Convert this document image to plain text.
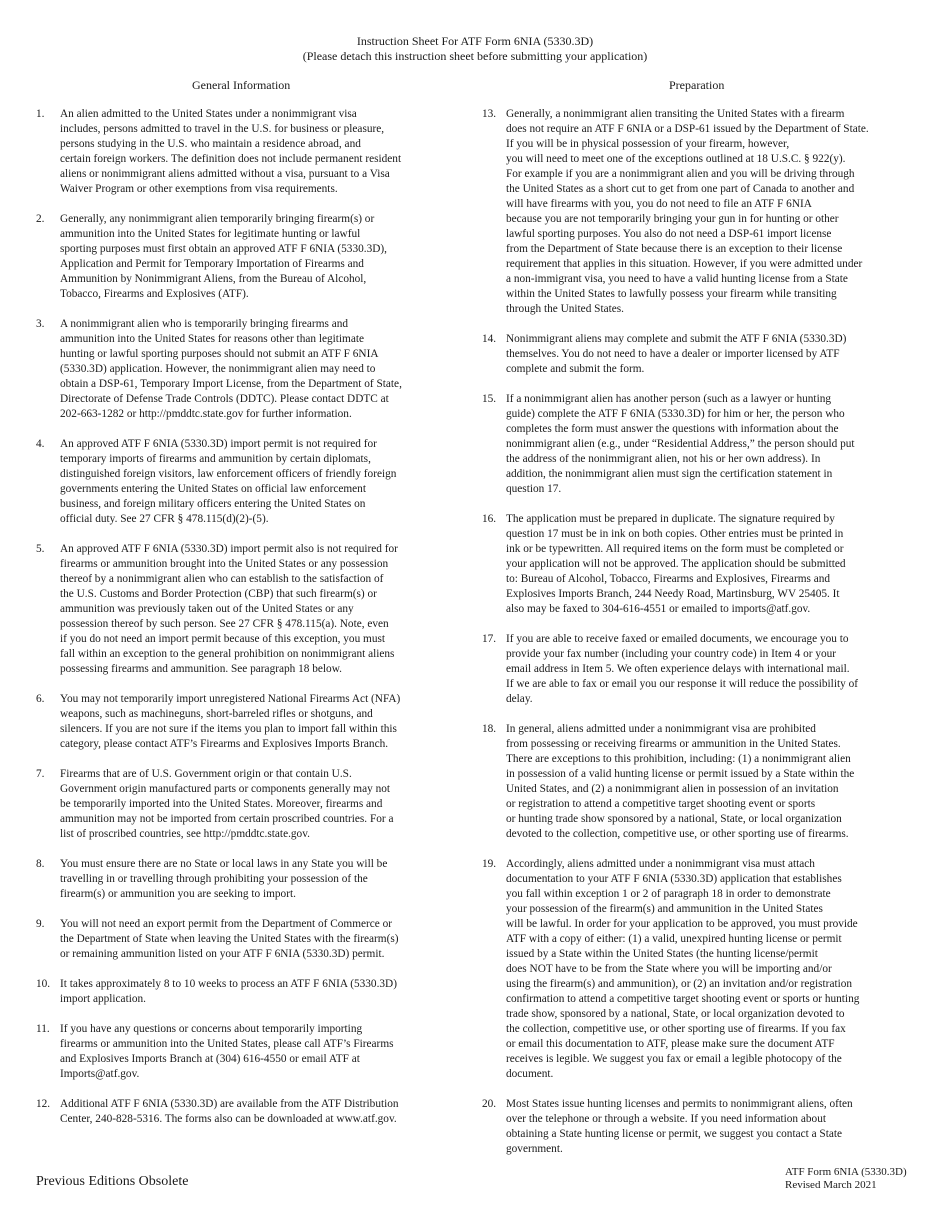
Instruction Sheet For ATF Form 6NIA (5330.3D)
(Please detach this instruction sheet before submitting your application)
General Information	Preparation
1.	An alien admitted to the United States under a nonimmigrant visa
includes, persons admitted to travel in the U.S. for business or pleasure,
persons studying in the U.S. who maintain a residence abroad, and
certain foreign workers. The definition does not include permanent resident
aliens or nonimmigrant aliens admitted without a visa, pursuant to a Visa
Waiver Program or other exemptions from visa requirements.
2.	Generally, any nonimmigrant alien temporarily bringing firearm(s) or
ammunition into the United States for legitimate hunting or lawful
sporting purposes must first obtain an approved ATF F 6NIA (5330.3D),
Application and Permit for Temporary Importation of Firearms and
Ammunition by Nonimmigrant Aliens, from the Bureau of Alcohol,
Tobacco, Firearms and Explosives (ATF).
3.	A nonimmigrant alien who is temporarily bringing firearms and
ammunition into the United States for reasons other than legitimate
hunting or lawful sporting purposes should not submit an ATF F 6NIA
(5330.3D) application. However, the nonimmigrant alien may need to
obtain a DSP-61, Temporary Import License, from the Department of State,
Directorate of Defense Trade Controls (DDTC). Please contact DDTC at
202-663-1282 or http://pmddtc.state.gov for further information.
4.	An approved ATF F 6NIA (5330.3D) import permit is not required for
temporary imports of firearms and ammunition by certain diplomats,
distinguished foreign visitors, law enforcement officers of friendly foreign
governments entering the United States on official law enforcement
business, and foreign military officers entering the United States on
official duty. See 27 CFR § 478.115(d)(2)-(5).
5.	An approved ATF F 6NIA (5330.3D) import permit also is not required for
firearms or ammunition brought into the United States or any possession
thereof by a nonimmigrant alien who can establish to the satisfaction of
the U.S. Customs and Border Protection (CBP) that such firearm(s) or
ammunition was previously taken out of the United States or any
possession thereof by such person. See 27 CFR § 478.115(a). Note, even
if you do not need an import permit because of this exception, you must
fall within an exception to the general prohibition on nonimmigrant aliens
possessing firearms and ammunition. See paragraph 18 below.
6.	You may not temporarily import unregistered National Firearms Act (NFA)
weapons, such as machineguns, short-barreled rifles or shotguns, and
silencers. If you are not sure if the items you plan to import fall within this
category, please contact ATF’s Firearms and Explosives Imports Branch.
7.	Firearms that are of U.S. Government origin or that contain U.S.
Government origin manufactured parts or components generally may not
be temporarily imported into the United States. Moreover, firearms and
ammunition may not be imported from certain proscribed countries. For a
list of proscribed countries, see http://pmddtc.state.gov.
8.	You must ensure there are no State or local laws in any State you will be
travelling in or travelling through prohibiting your possession of the
firearm(s) or ammunition you are seeking to import.
9.	You will not need an export permit from the Department of Commerce or
the Department of State when leaving the United States with the firearm(s)
or remaining ammunition listed on your ATF F 6NIA (5330.3D) permit.
10. It takes approximately 8 to 10 weeks to process an ATF F 6NIA (5330.3D)
import application.
11. If you have any questions or concerns about temporarily importing
firearms or ammunition into the United States, please call ATF’s Firearms
and Explosives Imports Branch at (304) 616-4550 or email ATF at
Imports@atf.gov.
12. Additional ATF F 6NIA (5330.3D) are available from the ATF Distribution
Center, 240-828-5316. The forms also can be downloaded at www.atf.gov.
13. Generally, a nonimmigrant alien transiting the United States with a firearm
does not require an ATF F 6NIA or a DSP-61 issued by the Department of State.
If you will be in physical possession of your firearm, however,
you will need to meet one of the exceptions outlined at 18 U.S.C. § 922(y).
For example if you are a nonimmigrant alien and you will be driving through
the United States as a short cut to get from one part of Canada to another and
will have firearms with you, you do not need to file an ATF F 6NIA
because you are not temporarily bringing your gun in for hunting or other
lawful sporting purposes. You also do not need a DSP-61 import license
from the Department of State because there is an exception to their license
requirement that applies in this situation. However, if you were admitted under
a non-immigrant visa, you need to have a valid hunting license from a State
within the United States to lawfully possess your firearm while transiting
through the United States.
14. Nonimmigrant aliens may complete and submit the ATF F 6NIA (5330.3D)
themselves. You do not need to have a dealer or importer licensed by ATF
complete and submit the form.
15. If a nonimmigrant alien has another person (such as a lawyer or hunting
guide) complete the ATF F 6NIA (5330.3D) for him or her, the person who
completes the form must answer the questions with information about the
nonimmigrant alien (e.g., under “Residential Address,” the person should put
the address of the nonimmigrant alien, not his or her own address). In
addition, the nonimmigrant alien must sign the certification statement in
question 17.
16. The application must be prepared in duplicate. The signature required by
question 17 must be in ink on both copies. Other entries must be printed in
ink or be typewritten. All required items on the form must be completed or
your application will not be approved. The application should be submitted
to: Bureau of Alcohol, Tobacco, Firearms and Explosives, Firearms and
Explosives Imports Branch, 244 Needy Road, Martinsburg, WV 25405. It
also may be faxed to 304-616-4551 or emailed to imports@atf.gov.
17. If you are able to receive faxed or emailed documents, we encourage you to
provide your fax number (including your country code) in Item 4 or your
email address in Item 5. We often experience delays with international mail.
If we are able to fax or email you our response it will reduce the possibility of
delay.
18. In general, aliens admitted under a nonimmigrant visa are prohibited
from possessing or receiving firearms or ammunition in the United States.
There are exceptions to this prohibition, including: (1) a nonimmigrant alien
in possession of a valid hunting license or permit issued by a State within the
United States, and (2) a nonimmigrant alien in possession of an invitation
or registration to attend a competitive target shooting event or sports
or hunting trade show sponsored by a national, State, or local organization
devoted to the collection, competitive use, or other sporting use of firearms.
19. Accordingly, aliens admitted under a nonimmigrant visa must attach
documentation to your ATF F 6NIA (5330.3D) application that establishes
you fall within exception 1 or 2 of paragraph 18 in order to demonstrate
your possession of the firearm(s) and ammunition in the United States
will be lawful. In order for your application to be approved, you must provide
ATF with a copy of either: (1) a valid, unexpired hunting license or permit
issued by a State within the United States (the hunting license/permit
does NOT have to be from the State where you will be importing and/or
using the firearm(s) and ammunition), or (2) an invitation and/or registration
confirmation to attend a competitive target shooting event or sports or hunting
trade show, sponsored by a national, State, or local organization devoted to
the collection, competitive use, or other sporting use of firearms. If you fax
or email this documentation to ATF, please make sure the document ATF
receives is legible. We suggest you fax or email a legible photocopy of the
document.
20. Most States issue hunting licenses and permits to nonimmigrant aliens, often
over the telephone or through a website. If you need information about
obtaining a State hunting license or permit, we suggest you contact a State
government.
Previous Editions Obsolete
ATF Form 6NIA (5330.3D)
Revised March 2021
